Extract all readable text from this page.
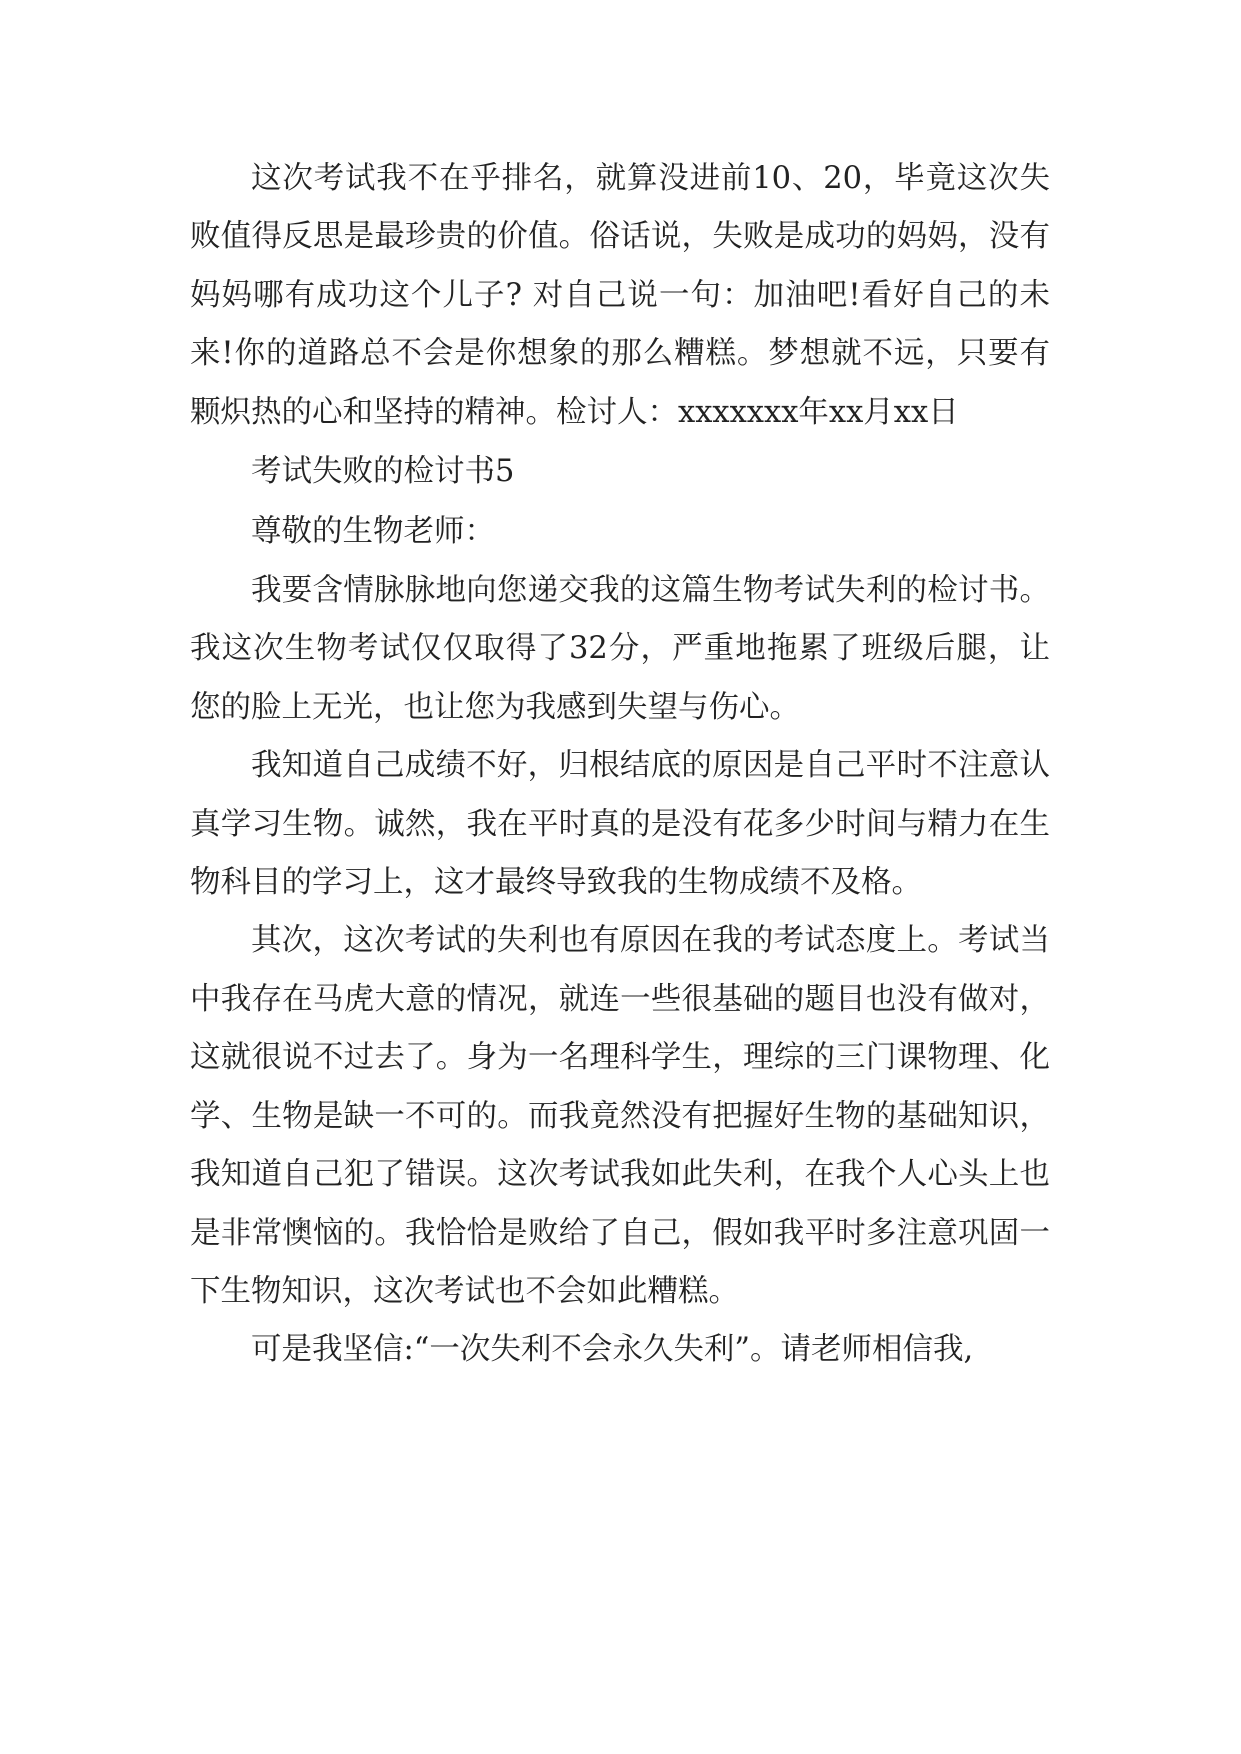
这次考试我不在乎排名，就算没进前10、20，毕竟这次失败值得反思是最珍贵的价值。俗话说，失败是成功的妈妈，没有妈妈哪有成功这个儿子? 对自己说一句：加油吧!看好自己的未来!你的道路总不会是你想象的那么糟糕。梦想就不远，只要有颗炽热的心和坚持的精神。检讨人：xxxxxxx年xx月xx日

考试失败的检讨书5

尊敬的生物老师：

我要含情脉脉地向您递交我的这篇生物考试失利的检讨书。我这次生物考试仅仅取得了32分，严重地拖累了班级后腿，让您的脸上无光，也让您为我感到失望与伤心。

我知道自己成绩不好，归根结底的原因是自己平时不注意认真学习生物。诚然，我在平时真的是没有花多少时间与精力在生物科目的学习上，这才最终导致我的生物成绩不及格。

其次，这次考试的失利也有原因在我的考试态度上。考试当中我存在马虎大意的情况，就连一些很基础的题目也没有做对，这就很说不过去了。身为一名理科学生，理综的三门课物理、化学、生物是缺一不可的。而我竟然没有把握好生物的基础知识，我知道自己犯了错误。这次考试我如此失利，在我个人心头上也是非常懊恼的。我恰恰是败给了自己，假如我平时多注意巩固一下生物知识，这次考试也不会如此糟糕。

可是我坚信:“一次失利不会永久失利”。请老师相信我,
